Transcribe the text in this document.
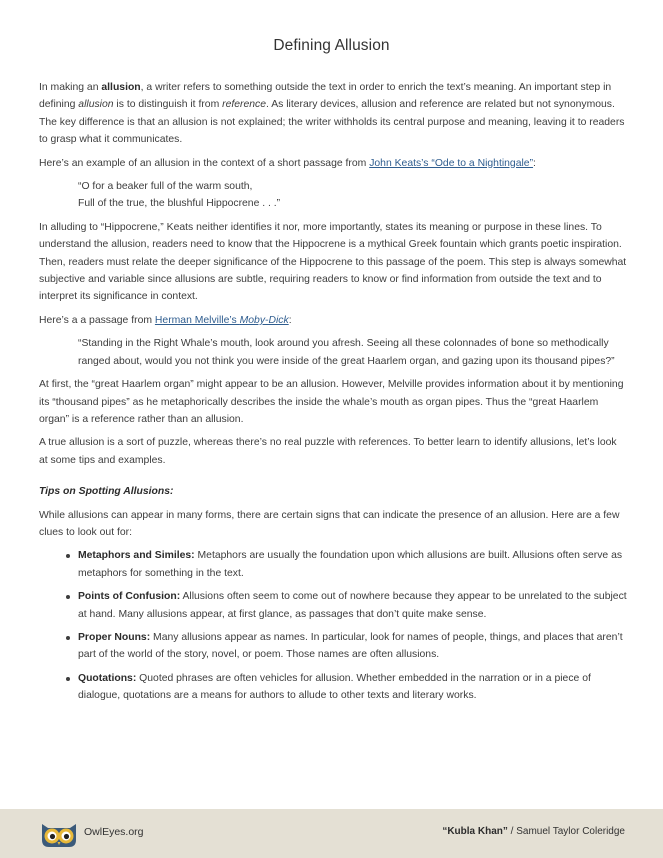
Defining Allusion

In making an allusion, a writer refers to something outside the text in order to enrich the text’s meaning. An important step in defining allusion is to distinguish it from reference. As literary devices, allusion and reference are related but not synonymous. The key difference is that an allusion is not explained; the writer withholds its central purpose and meaning, leaving it to readers to grasp what it communicates.

Here’s an example of an allusion in the context of a short passage from John Keats’s “Ode to a Nightingale”:

“O for a beaker full of the warm south,
Full of the true, the blushful Hippocrene . . .”

In alluding to “Hippocrene,” Keats neither identifies it nor, more importantly, states its meaning or purpose in these lines. To understand the allusion, readers need to know that the Hippocrene is a mythical Greek fountain which grants poetic inspiration. Then, readers must relate the deeper significance of the Hippocrene to this passage of the poem. This step is always somewhat subjective and variable since allusions are subtle, requiring readers to know or find information from outside the text and to interpret its significance in context.

Here’s a a passage from Herman Melville’s Moby-Dick:

“Standing in the Right Whale’s mouth, look around you afresh. Seeing all these colonnades of bone so methodically ranged about, would you not think you were inside of the great Haarlem organ, and gazing upon its thousand pipes?”

At first, the “great Haarlem organ” might appear to be an allusion. However, Melville provides information about it by mentioning its “thousand pipes” as he metaphorically describes the inside the whale’s mouth as organ pipes. Thus the “great Haarlem organ” is a reference rather than an allusion.

A true allusion is a sort of puzzle, whereas there’s no real puzzle with references. To better learn to identify allusions, let’s look at some tips and examples.

Tips on Spotting Allusions:

While allusions can appear in many forms, there are certain signs that can indicate the presence of an allusion. Here are a few clues to look out for:

Metaphors and Similes: Metaphors are usually the foundation upon which allusions are built. Allusions often serve as metaphors for something in the text.
Points of Confusion: Allusions often seem to come out of nowhere because they appear to be unrelated to the subject at hand. Many allusions appear, at first glance, as passages that don’t quite make sense.
Proper Nouns: Many allusions appear as names. In particular, look for names of people, things, and places that aren’t part of the world of the story, novel, or poem. Those names are often allusions.
Quotations: Quoted phrases are often vehicles for allusion. Whether embedded in the narration or in a piece of dialogue, quotations are a means for authors to allude to other texts and literary works.
OwlEyes.org	“Kubla Khan” / Samuel Taylor Coleridge
